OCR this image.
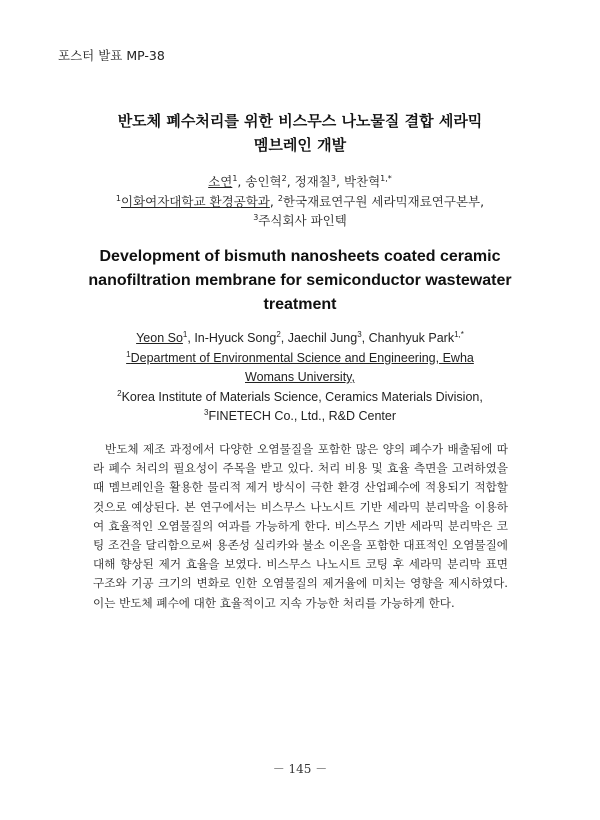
포스터 발표 MP-38
반도체 폐수처리를 위한 비스무스 나노물질 결합 세라믹
멤브레인 개발
소연$^1$, 송인혁$^2$, 정재칠$^3$, 박찬혁$^{1,*}$
$^1$이화여자대학교 환경공학과, $^2$한국재료연구원 세라믹재료연구본부,
$^3$주식회사 파인텍
Development of bismuth nanosheets coated ceramic
nanofiltration membrane for semiconductor wastewater
treatment
Yeon So$^1$, In-Hyuck Song$^2$, Jaechil Jung$^3$, Chanhyuk Park$^{1,*}$
$^1$Department of Environmental Science and Engineering, Ewha Womans University,
$^2$Korea Institute of Materials Science, Ceramics Materials Division,
$^3$FINETECH Co., Ltd., R&D Center

반도체 제조 과정에서 다양한 오염물질을 포함한 많은 양의 폐수가 배출됨에 따라 폐수 처리의 필요성이 주목을 받고 있다. 처리 비용 및 효율 측면을 고려하였을 때 멤브레인을 활용한 물리적 제거 방식이 극한 환경 산업폐수에 적용되기 적합할 것으로 예상된다. 본 연구에서는 비스무스 나노시트 기반 세라믹 분리막을 이용하여 효율적인 오염물질의 여과를 가능하게 한다. 비스무스 기반 세라믹 분리막은 코팅 조건을 달리함으로써 용존성 실리카와 불소 이온을 포함한 대표적인 오염물질에 대해 향상된 제거 효율을 보였다. 비스무스 나노시트 코팅 후 세라믹 분리막 표면 구조와 기공 크기의 변화로 인한 오염물질의 제거율에 미치는 영향을 제시하였다. 이는 반도체 폐수에 대한 효율적이고 지속 가능한 처리를 가능하게 한다.

－ 145 －
